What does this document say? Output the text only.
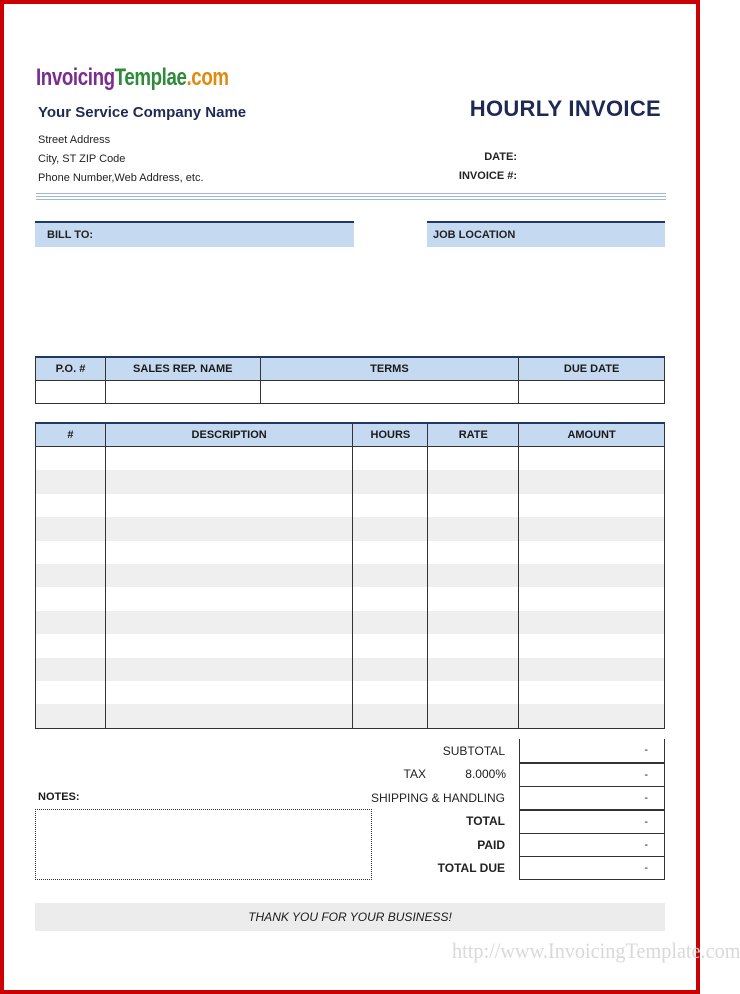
InvoicingTemplae.com
Your Service Company Name
Street Address
City, ST ZIP Code
Phone Number,Web Address, etc.
HOURLY INVOICE
DATE:
INVOICE #:
BILL TO:	JOB LOCATION
P.O. #	SALES REP. NAME	TERMS	DUE DATE

#	DESCRIPTION	HOURS	RATE	AMOUNT

SUBTOTAL	-
TAX	8.000%	-
SHIPPING & HANDLING	-
TOTAL	-
PAID	-
TOTAL DUE	-
NOTES:
THANK YOU FOR YOUR BUSINESS!
http://www.InvoicingTemplate.com
